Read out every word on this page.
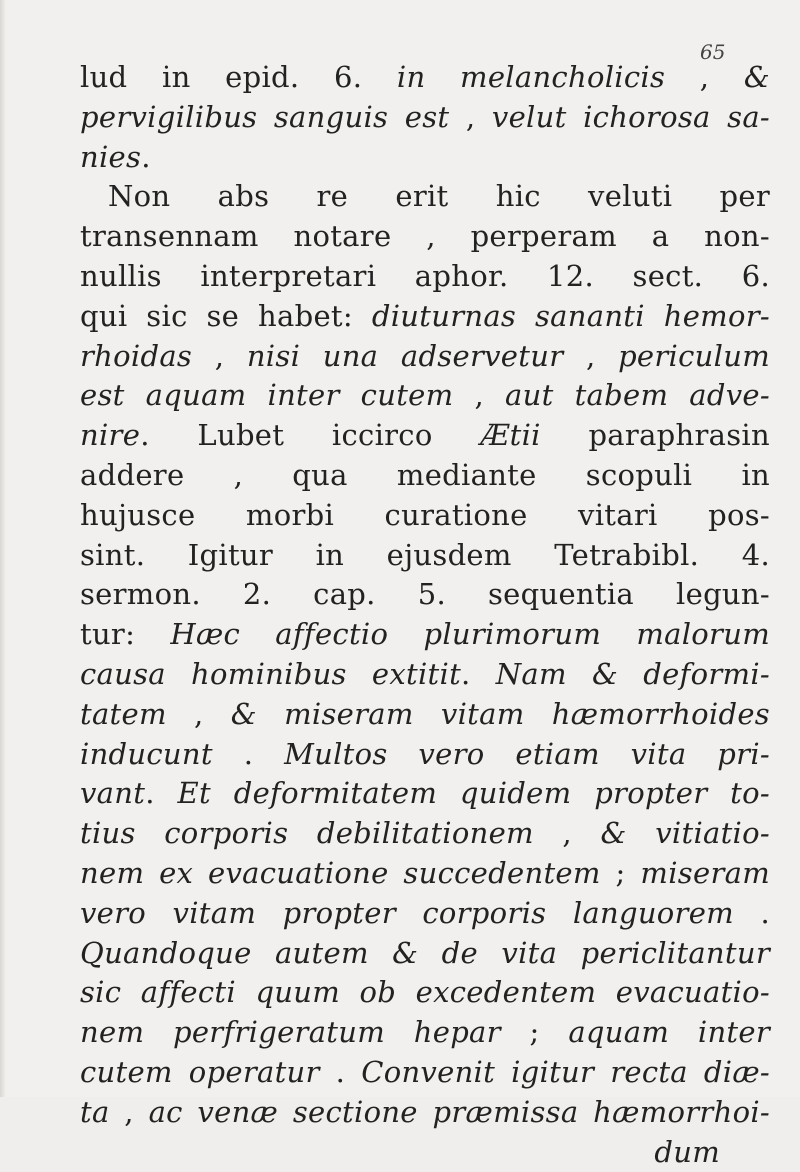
65
lud in epid. 6. in melancholicis , &
pervigilibus sanguis est , velut ichorosa sa-
nies.
Non abs re erit hic veluti per
transennam notare , perperam a non-
nullis interpretari aphor. 12. sect. 6.
qui sic se habet: diuturnas sananti hemor-
rhoidas , nisi una adservetur , periculum
est aquam inter cutem , aut tabem adve-
nire. Lubet iccirco Ætii paraphrasin
addere , qua mediante scopuli in
hujusce morbi curatione vitari pos-
sint. Igitur in ejusdem Tetrabibl. 4.
sermon. 2. cap. 5. sequentia legun-
tur: Hæc affectio plurimorum malorum
causa hominibus extitit. Nam & deformi-
tatem , & miseram vitam hæmorrhoides
inducunt . Multos vero etiam vita pri-
vant. Et deformitatem quidem propter to-
tius corporis debilitationem , & vitiatio-
nem ex evacuatione succedentem ; miseram
vero vitam propter corporis languorem .
Quandoque autem & de vita periclitantur
sic affecti quum ob excedentem evacuatio-
nem perfrigeratum hepar ; aquam inter
cutem operatur . Convenit igitur recta diæ-
ta , ac venæ sectione præmissa hæmorrhoi-
dum
